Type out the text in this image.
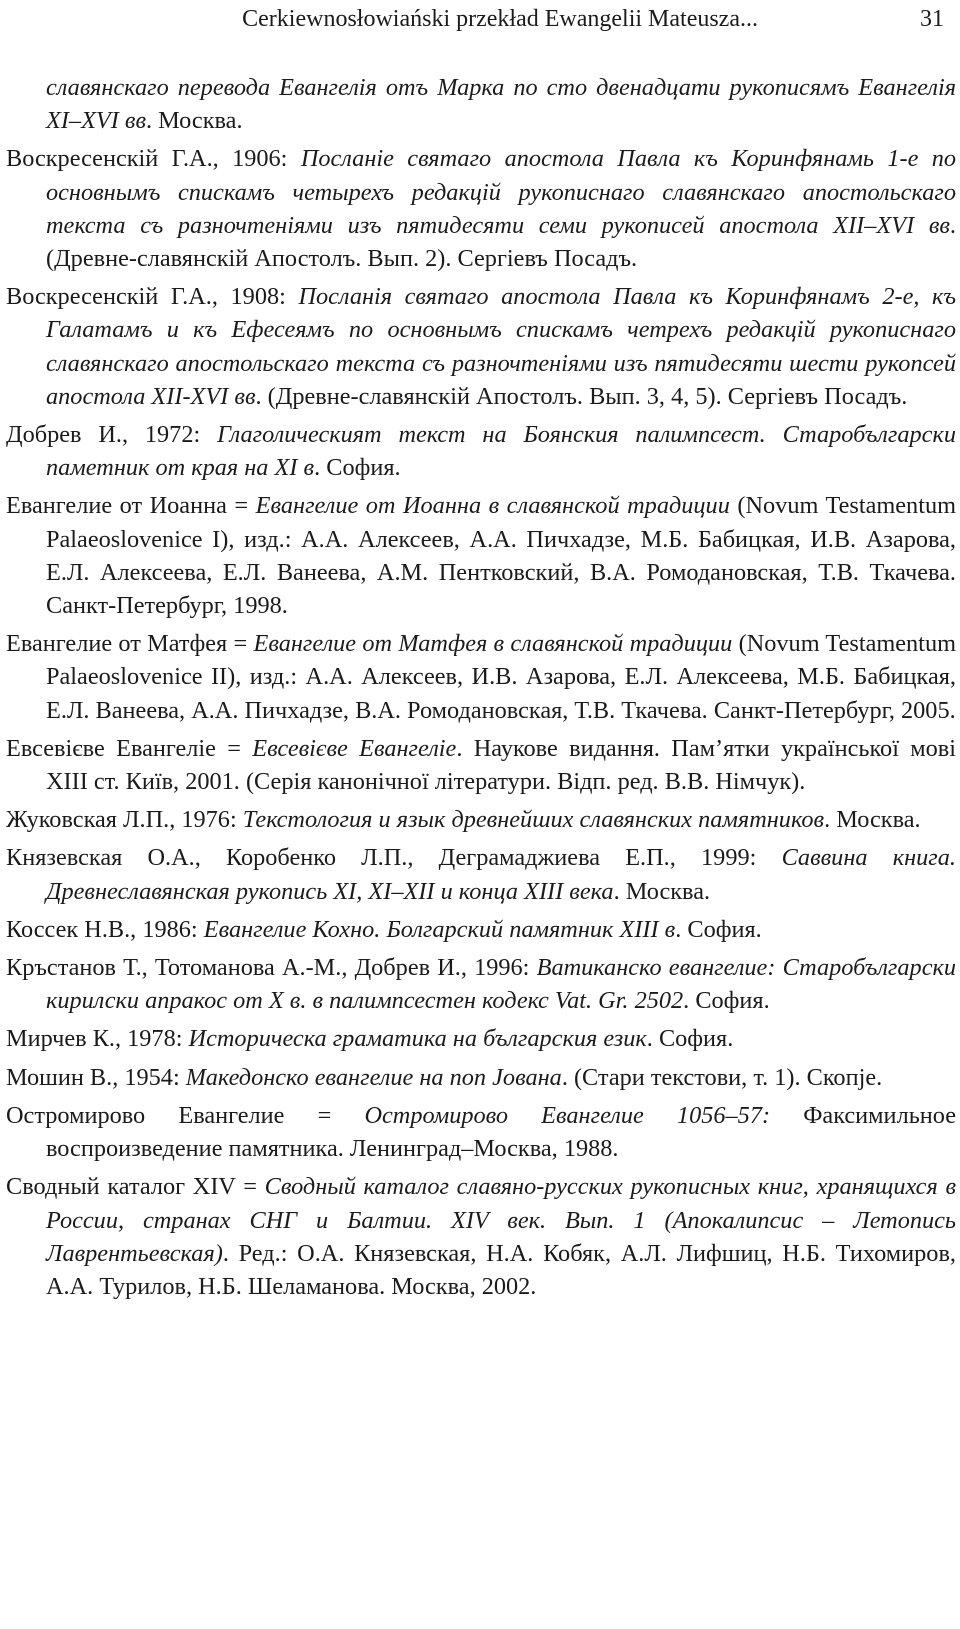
Cerkiewnosłowiański przekład Ewangelii Mateusza...	31
славянскаго перевода Евангелія отъ Марка по сто двенадцати рукописямъ Евангелія XI–XVI вв. Москва.
Воскресенскій Г.А., 1906: Посланіе святаго апостола Павла къ Коринфянамь 1-е по основнымъ спискамъ четырехъ редакцій рукописнаго славянскаго апостольскаго текста съ разночтеніями изъ пятидесяти семи рукописей апостола XII–XVI вв. (Древне-славянскій Апостолъ. Вып. 2). Сергіевъ Посадъ.
Воскресенскій Г.А., 1908: Посланія святаго апостола Павла къ Коринфянамъ 2-е, къ Галатамъ и къ Ефесеямъ по основнымъ спискамъ четрехъ редакцій рукописнаго славянскаго апостольскаго текста съ разночтеніями изъ пятидесяти шести рукопсей апостола XII-XVI вв. (Древне-славянскій Апостолъ. Вып. 3, 4, 5). Сергіевъ Посадъ.
Добрев И., 1972: Глаголическият текст на Боянския палимпсест. Старобългарски паметник от края на XI в. София.
Евангелие от Иоанна = Евангелие от Иоанна в славянской традиции (Novum Testamentum Palaeoslovenice I), изд.: А.А. Алексеев, А.А. Пичхадзе, М.Б. Бабицкая, И.В. Азарова, Е.Л. Алексеева, Е.Л. Ванеева, А.М. Пентковский, В.А. Ромодановская, Т.В. Ткачева. Санкт-Петербург, 1998.
Евангелие от Матфея = Евангелие от Матфея в славянской традиции (Novum Testamentum Palaeoslovenice II), изд.: А.А. Алексеев, И.В. Азарова, Е.Л. Алексеева, М.Б. Бабицкая, Е.Л. Ванеева, А.А. Пичхадзе, В.А. Ромодановская, Т.В. Ткачева. Санкт-Петербург, 2005.
Евсевієве Евангеліе = Евсевієве Евангеліе. Наукове видання. Пам’ятки української мові XIII ст. Київ, 2001. (Серія канонічної літератури. Відп. ред. В.В. Німчук).
Жуковская Л.П., 1976: Текстология и язык древнейших славянских памятников. Москва.
Князевская О.А., Коробенко Л.П., Деграмаджиева Е.П., 1999: Саввина книга. Древнеславянская рукопись XI, XI–XII и конца XIII века. Москва.
Коссек Н.В., 1986: Евангелие Кохно. Болгарский памятник XIII в. София.
Кръстанов Т., Тотоманова А.-М., Добрев И., 1996: Ватиканско евангелие: Старобългарски кирилски апракос от Х в. в палимпсестен кодекс Vat. Gr. 2502. София.
Мирчев К., 1978: Историческа граматика на българския език. София.
Мошин В., 1954: Македонско евангелие на поп Јована. (Стари текстови, т. 1). Скопје.
Остромирово Евангелие = Остромирово Евангелие 1056–57: Факсимильное воспроизведение памятника. Ленинград–Москва, 1988.
Сводный каталог XIV = Сводный каталог славяно-русских рукописных книг, хранящихся в России, странах СНГ и Балтии. XIV век. Вып. 1 (Апокалипсис – Летопись Лаврентьевская). Ред.: О.А. Князевская, Н.А. Кобяк, А.Л. Лифшиц, Н.Б. Тихомиров, А.А. Турилов, Н.Б. Шеламанова. Москва, 2002.
